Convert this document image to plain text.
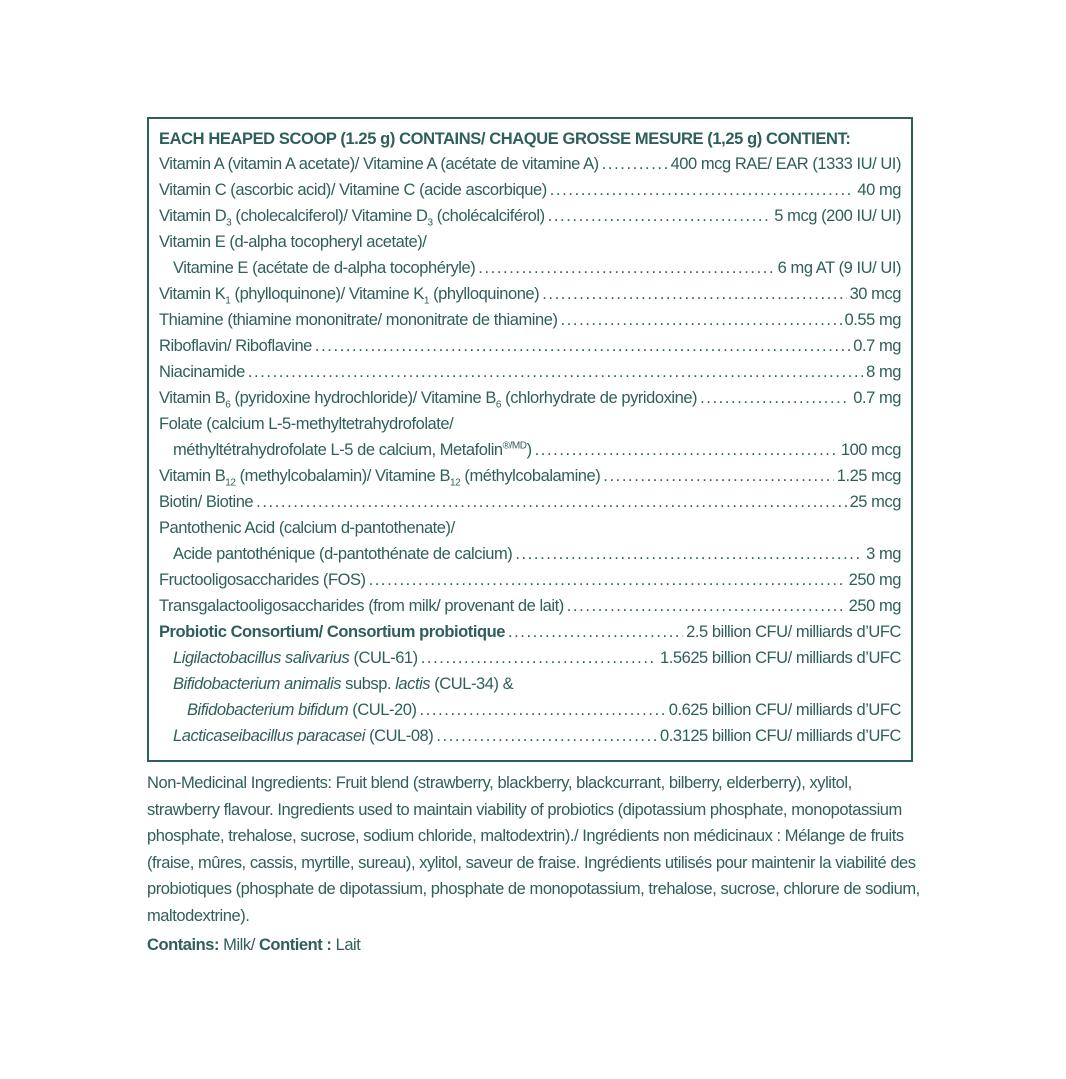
EACH HEAPED SCOOP (1.25 g) CONTAINS/ CHAQUE GROSSE MESURE (1,25 g) CONTIENT:
Vitamin A (vitamin A acetate)/ Vitamine A (acétate de vitamine A) .....	400 mcg RAE/ EAR (1333 IU/ UI)
Vitamin C (ascorbic acid)/ Vitamine C (acide ascorbique) .....	40 mg
Vitamin $D_3$ (cholecalciferol)/ Vitamine $D_3$ (cholécalciférol) .....	5 mcg (200 IU/ UI)
Vitamin E (d-alpha tocopheryl acetate)/
Vitamine E (acétate de d-alpha tocophéryle) .....	6 mg AT (9 IU/ UI)
Vitamin $K_1$ (phylloquinone)/ Vitamine $K_1$ (phylloquinone) .....	30 mcg
Thiamine (thiamine mononitrate/ mononitrate de thiamine) .....	0.55 mg
Riboflavin/ Riboflavine .....	0.7 mg
Niacinamide .....	8 mg
Vitamin $B_6$ (pyridoxine hydrochloride)/ Vitamine $B_6$ (chlorhydrate de pyridoxine) .....	0.7 mg
Folate (calcium L-5-methyltetrahydrofolate/
méthyltétrahydrofolate L-5 de calcium, Metafolin$^{®/MD}$) .....	100 mcg
Vitamin $B_{12}$ (methylcobalamin)/ Vitamine $B_{12}$ (méthylcobalamine) .....	1.25 mcg
Biotin/ Biotine .....	25 mcg
Pantothenic Acid (calcium d-pantothenate)/
Acide pantothénique (d-pantothénate de calcium) .....	3 mg
Fructooligosaccharides (FOS) .....	250 mg
Transgalactooligosaccharides (from milk/ provenant de lait) .....	250 mg
Probiotic Consortium/ Consortium probiotique .....	2.5 billion CFU/ milliards d’UFC
Ligilactobacillus salivarius (CUL-61) .....	1.5625 billion CFU/ milliards d’UFC
Bifidobacterium animalis subsp. lactis (CUL-34) &
Bifidobacterium bifidum (CUL-20) .....	0.625 billion CFU/ milliards d’UFC
Lacticaseibacillus paracasei (CUL-08) .....	0.3125 billion CFU/ milliards d’UFC
Non-Medicinal Ingredients: Fruit blend (strawberry, blackberry, blackcurrant, bilberry, elderberry), xylitol, strawberry flavour. Ingredients used to maintain viability of probiotics (dipotassium phosphate, monopotassium phosphate, trehalose, sucrose, sodium chloride, maltodextrin)./ Ingrédients non médicinaux : Mélange de fruits (fraise, mûres, cassis, myrtille, sureau), xylitol, saveur de fraise. Ingrédients utilisés pour maintenir la viabilité des probiotiques (phosphate de dipotassium, phosphate de monopotassium, trehalose, sucrose, chlorure de sodium, maltodextrine).
Contains: Milk/ Contient : Lait
